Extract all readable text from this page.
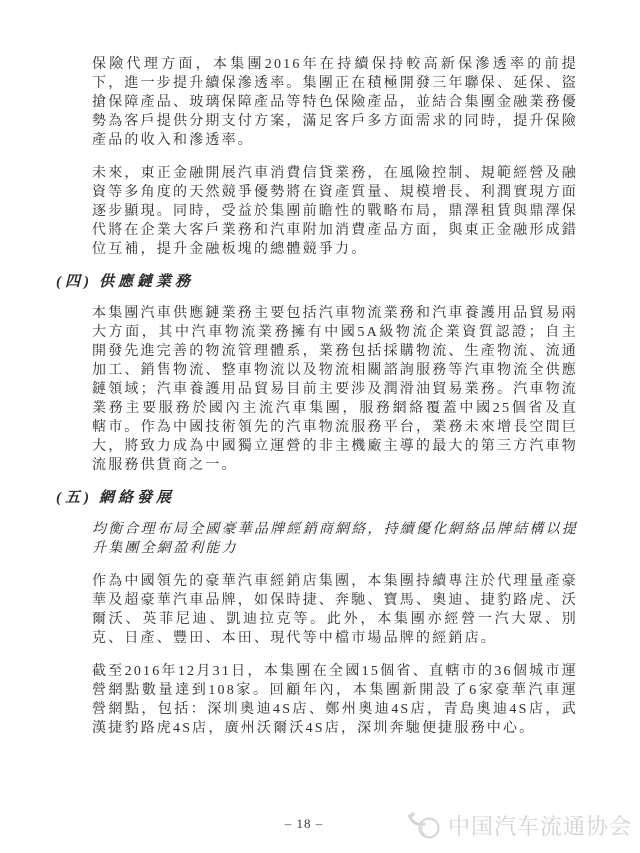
保險代理方面，本集團2016年在持續保持較高新保滲透率的前提下，進一步提升續保滲透率。集團正在積極開發三年聯保、延保、盜搶保障產品、玻璃保障產品等特色保險產品，並結合集團金融業務優勢為客戶提供分期支付方案，滿足客戶多方面需求的同時，提升保險產品的收入和滲透率。

未來，東正金融開展汽車消費信貸業務，在風險控制、規範經營及融資等多角度的天然競爭優勢將在資產質量、規模增長、利潤實現方面逐步顯現。同時，受益於集團前瞻性的戰略布局，鼎澤租賃與鼎澤保代將在企業大客戶業務和汽車附加消費產品方面，與東正金融形成錯位互補，提升金融板塊的總體競爭力。

(四) 供應鏈業務

本集團汽車供應鏈業務主要包括汽車物流業務和汽車養護用品貿易兩大方面，其中汽車物流業務擁有中國5A級物流企業資質認證；自主開發先進完善的物流管理體系，業務包括採購物流、生產物流、流通加工、銷售物流、整車物流以及物流相關諮詢服務等汽車物流全供應鏈領域；汽車養護用品貿易目前主要涉及潤滑油貿易業務。汽車物流業務主要服務於國內主流汽車集團，服務網絡覆蓋中國25個省及直轄市。作為中國技術領先的汽車物流服務平台，業務未來增長空間巨大，將致力成為中國獨立運營的非主機廠主導的最大的第三方汽車物流服務供貨商之一。

(五) 網絡發展

均衡合理布局全國豪華品牌經銷商網絡，持續優化網絡品牌結構以提升集團全網盈利能力

作為中國領先的豪華汽車經銷店集團，本集團持續專注於代理量產豪華及超豪華汽車品牌，如保時捷、奔馳、寶馬、奧迪、捷豹路虎、沃爾沃、英菲尼迪、凱迪拉克等。此外，本集團亦經營一汽大眾、別克、日產、豐田、本田、現代等中檔市場品牌的經銷店。

截至2016年12月31日，本集團在全國15個省、直轄市的36個城市運營網點數量達到108家。回顧年內，本集團新開設了6家豪華汽車運營網點，包括：深圳奧迪4S店、鄭州奧迪4S店，青島奧迪4S店，武漢捷豹路虎4S店，廣州沃爾沃4S店，深圳奔馳便捷服務中心。

– 18 –	中国汽车流通协会
